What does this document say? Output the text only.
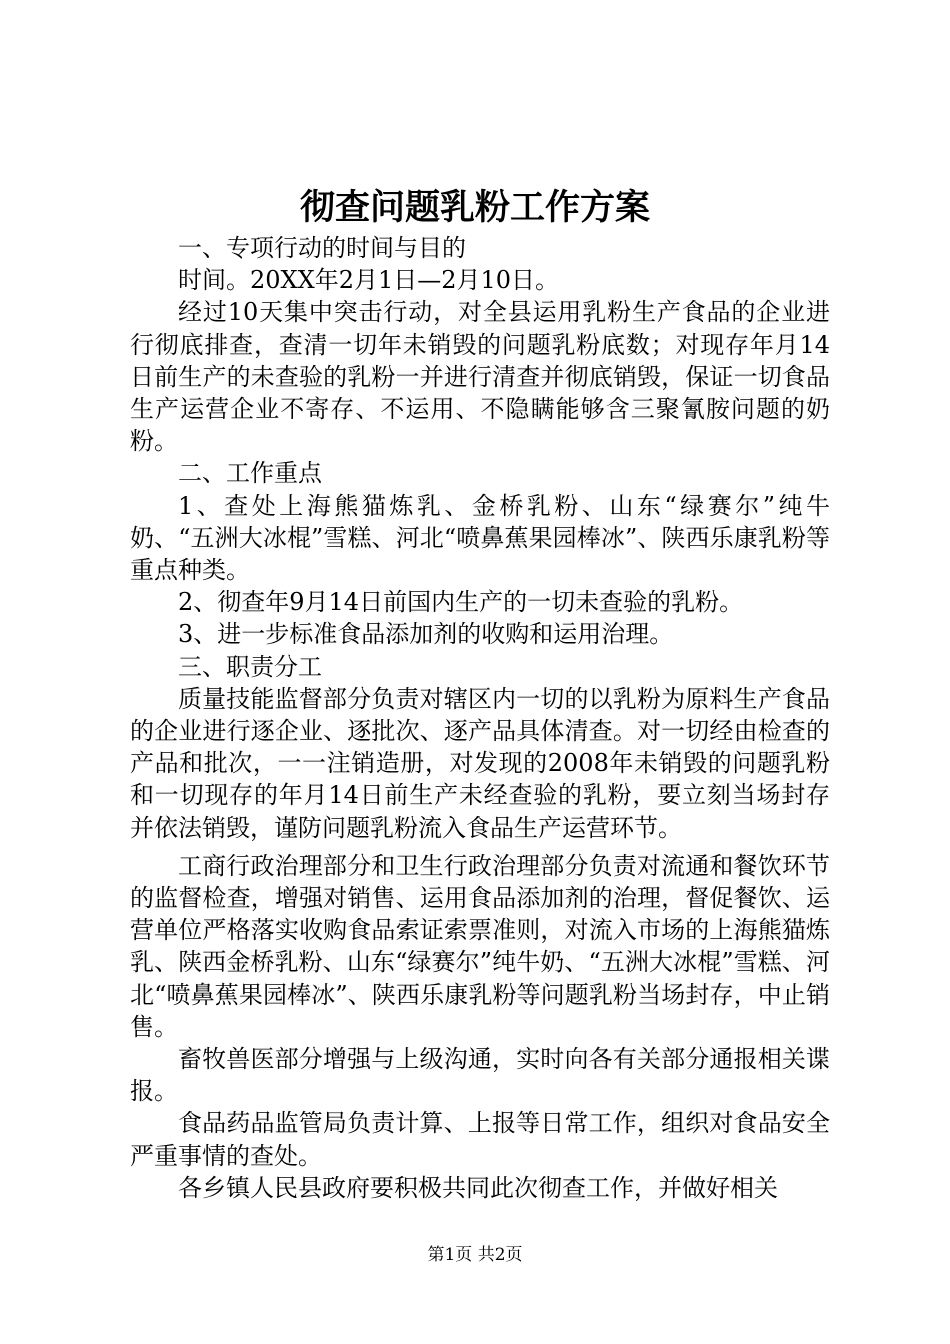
彻查问题乳粉工作方案

一、专项行动的时间与目的

时间。20XX年2月1日—2月10日。

经过10天集中突击行动，对全县运用乳粉生产食品的企业进行彻底排查，查清一切年未销毁的问题乳粉底数；对现存年月14日前生产的未查验的乳粉一并进行清查并彻底销毁，保证一切食品生产运营企业不寄存、不运用、不隐瞒能够含三聚氰胺问题的奶粉。

二、工作重点

1、查处上海熊猫炼乳、金桥乳粉、山东“绿赛尔”纯牛奶、“五洲大冰棍”雪糕、河北“喷鼻蕉果园棒冰”、陕西乐康乳粉等重点种类。

2、彻查年9月14日前国内生产的一切未查验的乳粉。

3、进一步标准食品添加剂的收购和运用治理。

三、职责分工

质量技能监督部分负责对辖区内一切的以乳粉为原料生产食品的企业进行逐企业、逐批次、逐产品具体清查。对一切经由检查的产品和批次，一一注销造册，对发现的2008年未销毁的问题乳粉和一切现存的年月14日前生产未经查验的乳粉，要立刻当场封存并依法销毁，谨防问题乳粉流入食品生产运营环节。

工商行政治理部分和卫生行政治理部分负责对流通和餐饮环节的监督检查，增强对销售、运用食品添加剂的治理，督促餐饮、运营单位严格落实收购食品索证索票准则，对流入市场的上海熊猫炼乳、陕西金桥乳粉、山东“绿赛尔”纯牛奶、“五洲大冰棍”雪糕、河北“喷鼻蕉果园棒冰”、陕西乐康乳粉等问题乳粉当场封存，中止销售。

畜牧兽医部分增强与上级沟通，实时向各有关部分通报相关谍报。

食品药品监管局负责计算、上报等日常工作，组织对食品安全严重事情的查处。

各乡镇人民县政府要积极共同此次彻查工作，并做好相关

第1页 共2页
